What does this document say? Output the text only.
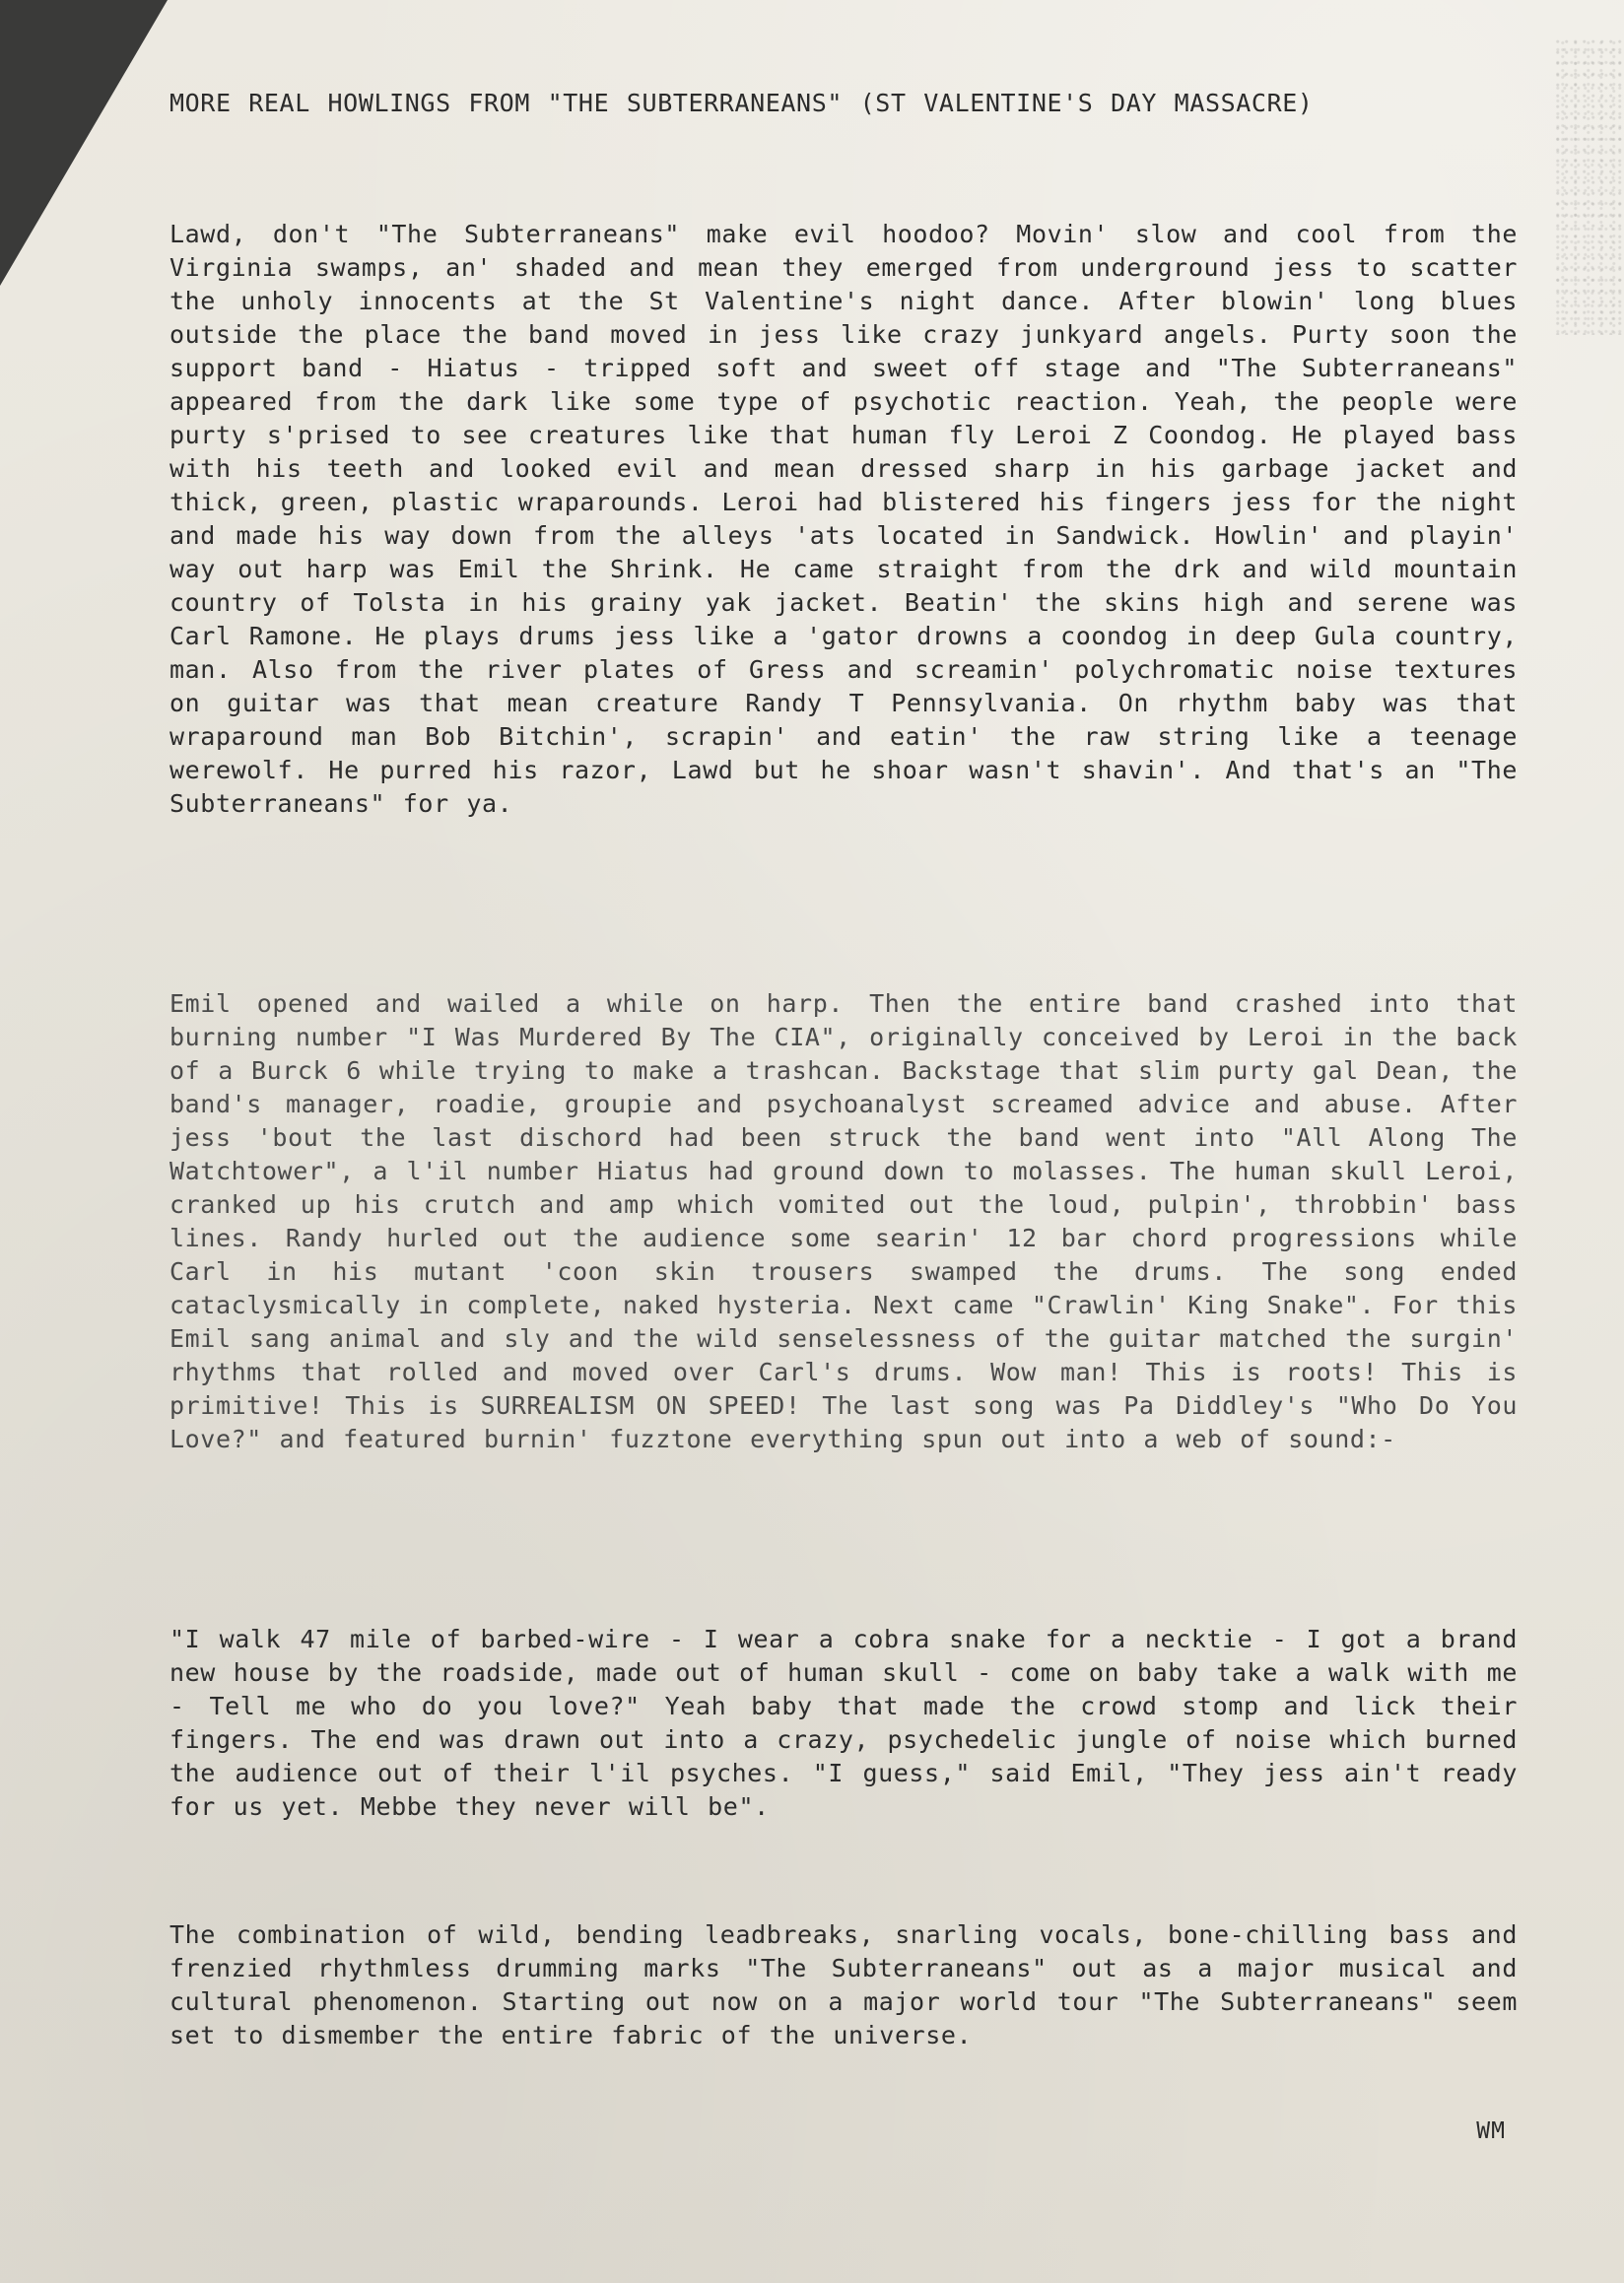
MORE REAL HOWLINGS FROM "THE SUBTERRANEANS" (ST VALENTINE'S DAY MASSACRE)

Lawd, don't "The Subterraneans" make evil hoodoo? Movin' slow and cool from the Virginia swamps, an' shaded and mean they emerged from underground jess to scatter the unholy innocents at the St Valentine's night dance. After blowin' long blues outside the place the band moved in jess like crazy junkyard angels. Purty soon the support band - Hiatus - tripped soft and sweet off stage and "The Subterraneans" appeared from the dark like some type of psychotic reaction. Yeah, the people were purty s'prised to see creatures like that human fly Leroi Z Coondog. He played bass with his teeth and looked evil and mean dressed sharp in his garbage jacket and thick, green, plastic wraparounds. Leroi had blistered his fingers jess for the night and made his way down from the alleys 'ats located in Sandwick. Howlin' and playin' way out harp was Emil the Shrink. He came straight from the drk and wild mountain country of Tolsta in his grainy yak jacket. Beatin' the skins high and serene was Carl Ramone. He plays drums jess like a 'gator drowns a coondog in deep Gula country, man. Also from the river plates of Gress and screamin' polychromatic noise textures on guitar was that mean creature Randy T Pennsylvania. On rhythm baby was that wraparound man Bob Bitchin', scrapin' and eatin' the raw string like a teenage werewolf. He purred his razor, Lawd but he shoar wasn't shavin'. And that's an "The Subterraneans" for ya.

Emil opened and wailed a while on harp. Then the entire band crashed into that burning number "I Was Murdered By The CIA", originally conceived by Leroi in the back of a Burck 6 while trying to make a trashcan. Backstage that slim purty gal Dean, the band's manager, roadie, groupie and psychoanalyst screamed advice and abuse. After jess 'bout the last dischord had been struck the band went into "All Along The Watchtower", a l'il number Hiatus had ground down to molasses. The human skull Leroi, cranked up his crutch and amp which vomited out the loud, pulpin', throbbin' bass lines. Randy hurled out the audience some searin' 12 bar chord progressions while Carl in his mutant 'coon skin trousers swamped the drums. The song ended cataclysmically in complete, naked hysteria. Next came "Crawlin' King Snake". For this Emil sang animal and sly and the wild senselessness of the guitar matched the surgin' rhythms that rolled and moved over Carl's drums. Wow man! This is roots! This is primitive! This is SURREALISM ON SPEED! The last song was Pa Diddley's "Who Do You Love?" and featured burnin' fuzztone everything spun out into a web of sound:-

"I walk 47 mile of barbed-wire - I wear a cobra snake for a necktie - I got a brand new house by the roadside, made out of human skull - come on baby take a walk with me - Tell me who do you love?" Yeah baby that made the crowd stomp and lick their fingers. The end was drawn out into a crazy, psychedelic jungle of noise which burned the audience out of their l'il psyches. "I guess," said Emil, "They jess ain't ready for us yet. Mebbe they never will be".

The combination of wild, bending leadbreaks, snarling vocals, bone-chilling bass and frenzied rhythmless drumming marks "The Subterraneans" out as a major musical and cultural phenomenon. Starting out now on a major world tour "The Subterraneans" seem set to dismember the entire fabric of the universe.

WM
